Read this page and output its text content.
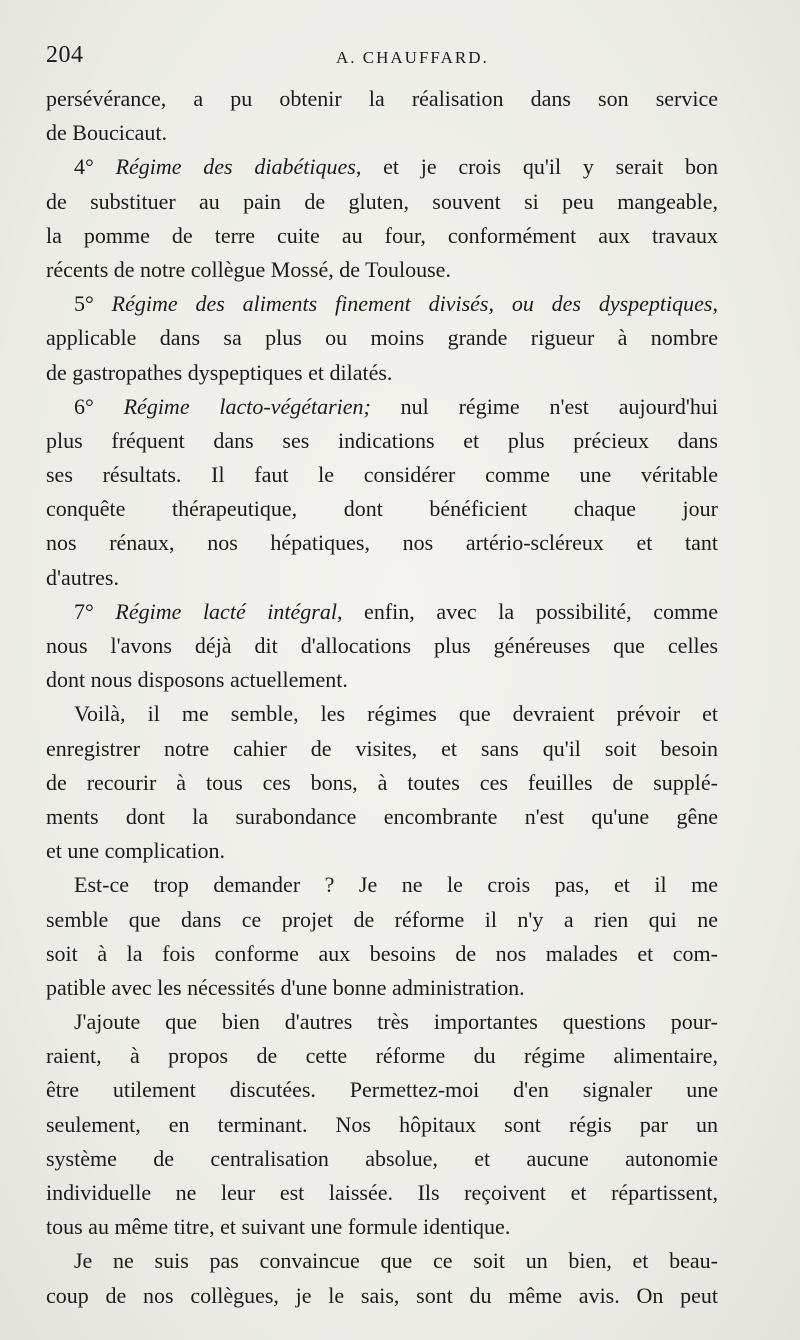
204	A. CHAUFFARD.
persévérance, a pu obtenir la réalisation dans son service
de Boucicaut.
4° Régime des diabétiques, et je crois qu'il y serait bon
de substituer au pain de gluten, souvent si peu mangeable,
la pomme de terre cuite au four, conformément aux travaux
récents de notre collègue Mossé, de Toulouse.
5° Régime des aliments finement divisés, ou des dyspeptiques,
applicable dans sa plus ou moins grande rigueur à nombre
de gastropathes dyspeptiques et dilatés.
6° Régime lacto-végétarien; nul régime n'est aujourd'hui
plus fréquent dans ses indications et plus précieux dans
ses résultats. Il faut le considérer comme une véritable
conquête thérapeutique, dont bénéficient chaque jour
nos rénaux, nos hépatiques, nos artério-scléreux et tant
d'autres.
7° Régime lacté intégral, enfin, avec la possibilité, comme
nous l'avons déjà dit d'allocations plus généreuses que celles
dont nous disposons actuellement.
Voilà, il me semble, les régimes que devraient prévoir et
enregistrer notre cahier de visites, et sans qu'il soit besoin
de recourir à tous ces bons, à toutes ces feuilles de supplé-
ments dont la surabondance encombrante n'est qu'une gêne
et une complication.
Est-ce trop demander ? Je ne le crois pas, et il me
semble que dans ce projet de réforme il n'y a rien qui ne
soit à la fois conforme aux besoins de nos malades et com-
patible avec les nécessités d'une bonne administration.
J'ajoute que bien d'autres très importantes questions pour-
raient, à propos de cette réforme du régime alimentaire,
être utilement discutées. Permettez-moi d'en signaler une
seulement, en terminant. Nos hôpitaux sont régis par un
système de centralisation absolue, et aucune autonomie
individuelle ne leur est laissée. Ils reçoivent et répartissent,
tous au même titre, et suivant une formule identique.
Je ne suis pas convaincue que ce soit un bien, et beau-
coup de nos collègues, je le sais, sont du même avis. On peut
